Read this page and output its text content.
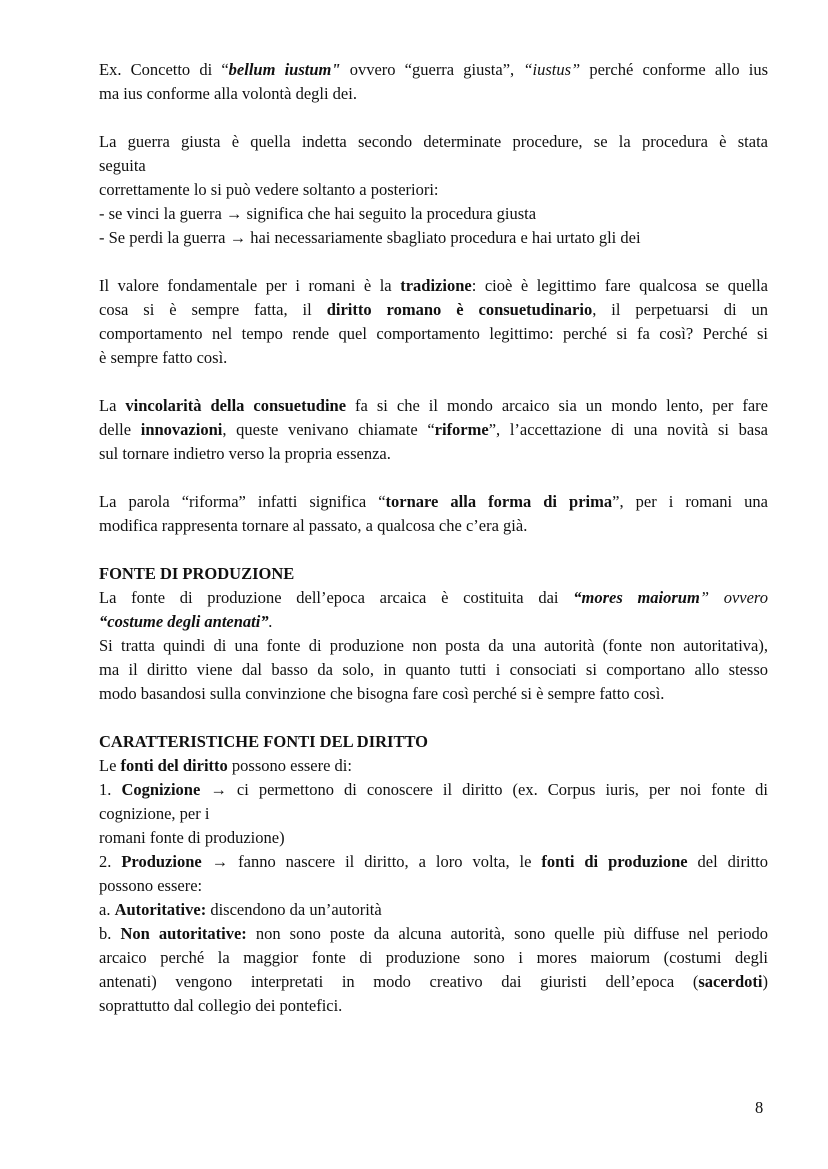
Ex. Concetto di “bellum iustum" ovvero “guerra giusta”, “iustus” perché conforme allo ius

ma ius conforme alla volontà degli dei.

La guerra giusta è quella indetta secondo determinate procedure, se la procedura è stata

seguita

correttamente lo si può vedere soltanto a posteriori:

- se vinci la guerra → significa che hai seguito la procedura giusta

- Se perdi la guerra → hai necessariamente sbagliato procedura e hai urtato gli dei

Il valore fondamentale per i romani è la tradizione: cioè è legittimo fare qualcosa se quella

cosa si è sempre fatta, il diritto romano è consuetudinario, il perpetuarsi di un

comportamento nel tempo rende quel comportamento legittimo: perché si fa così? Perché si

è sempre fatto così.

La vincolarità della consuetudine fa si che il mondo arcaico sia un mondo lento, per fare

delle innovazioni, queste venivano chiamate “riforme”, l’accettazione di una novità si basa

sul tornare indietro verso la propria essenza.

La parola “riforma” infatti significa “tornare alla forma di prima”, per i romani una

modifica rappresenta tornare al passato, a qualcosa che c’era già.

FONTE DI PRODUZIONE

La fonte di produzione dell’epoca arcaica è costituita dai “mores maiorum” ovvero

“costume degli antenati”.

Si tratta quindi di una fonte di produzione non posta da una autorità (fonte non autoritativa),

ma il diritto viene dal basso da solo, in quanto tutti i consociati si comportano allo stesso

modo basandosi sulla convinzione che bisogna fare così perché si è sempre fatto così.

CARATTERISTICHE FONTI DEL DIRITTO

Le fonti del diritto possono essere di:

1. Cognizione → ci permettono di conoscere il diritto (ex. Corpus iuris, per noi fonte di

cognizione, per i

romani fonte di produzione)

2. Produzione → fanno nascere il diritto, a loro volta, le fonti di produzione del diritto

possono essere:

a. Autoritative: discendono da un’autorità

b. Non autoritative: non sono poste da alcuna autorità, sono quelle più diffuse nel periodo

arcaico perché la maggior fonte di produzione sono i mores maiorum (costumi degli

antenati) vengono interpretati in modo creativo dai giuristi dell’epoca (sacerdoti)

soprattutto dal collegio dei pontefici.

8
